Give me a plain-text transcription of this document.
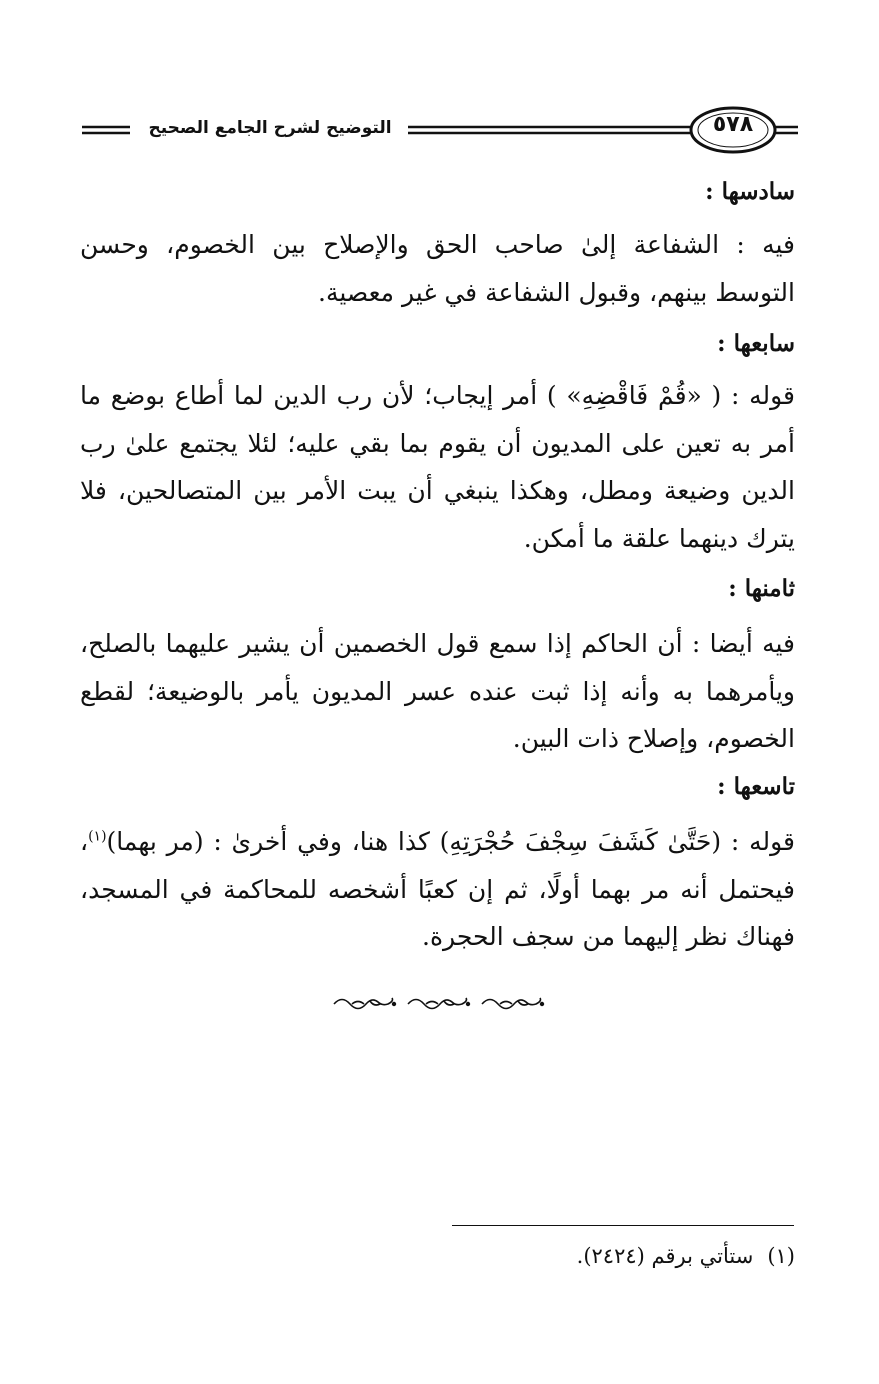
٥٧٨
التوضيح لشرح الجامع الصحيح
سادسها :
فيه : الشفاعة إلىٰ صاحب الحق والإصلاح بين الخصوم، وحسن التوسط بينهم، وقبول الشفاعة في غير معصية.
سابعها :
قوله : ( «قُمْ فَاقْضِهِ» ) أمر إيجاب؛ لأن رب الدين لما أطاع بوضع ما أمر به تعين على المديون أن يقوم بما بقي عليه؛ لئلا يجتمع علىٰ رب الدين وضيعة ومطل، وهكذا ينبغي أن يبت الأمر بين المتصالحين، فلا يترك دينهما علقة ما أمكن.
ثامنها :
فيه أيضا : أن الحاكم إذا سمع قول الخصمين أن يشير عليهما بالصلح، ويأمرهما به وأنه إذا ثبت عنده عسر المديون يأمر بالوضيعة؛ لقطع الخصوم، وإصلاح ذات البين.
تاسعها :
قوله : (حَتَّىٰ كَشَفَ سِجْفَ حُجْرَتِهِ) كذا هنا، وفي أخرىٰ : (مر بهما)$^{(١)}$، فيحتمل أنه مر بهما أولًا، ثم إن كعبًا أشخصه للمحاكمة في المسجد، فهناك نظر إليهما من سجف الحجرة.
(١)ستأتي برقم (٢٤٢٤).
